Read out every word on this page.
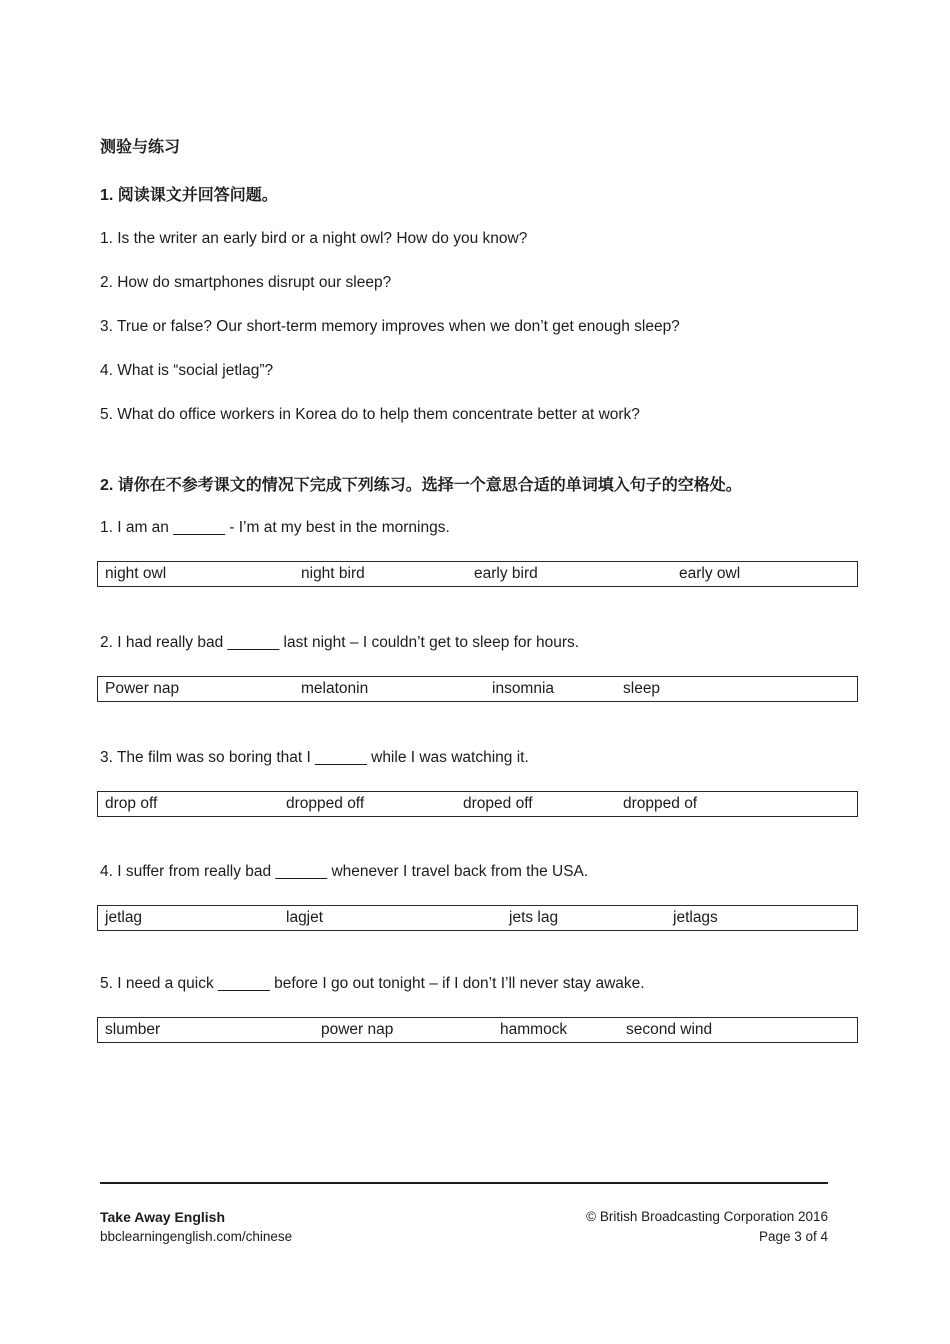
测验与练习
1. 阅读课文并回答问题。
1. Is the writer an early bird or a night owl? How do you know?
2. How do smartphones disrupt our sleep?
3. True or false? Our short-term memory improves when we don’t get enough sleep?
4. What is “social jetlag”?
5. What do office workers in Korea do to help them concentrate better at work?
2. 请你在不参考课文的情况下完成下列练习。选择一个意思合适的单词填入句子的空格处。
1. I am an ______ - I’m at my best in the mornings.
night owl	night bird	early bird	early owl
2. I had really bad ______ last night – I couldn’t get to sleep for hours.
Power nap	melatonin	insomnia	sleep
3. The film was so boring that I ______ while I was watching it.
drop off	dropped off	droped off	dropped of
4. I suffer from really bad ______ whenever I travel back from the USA.
jetlag	lagjet	jets lag	jetlags
5. I need a quick ______ before I go out tonight – if I don’t I’ll never stay awake.
slumber	power nap	hammock	second wind
Take Away English
bbclearningenglish.com/chinese
© British Broadcasting Corporation 2016
Page 3 of 4
